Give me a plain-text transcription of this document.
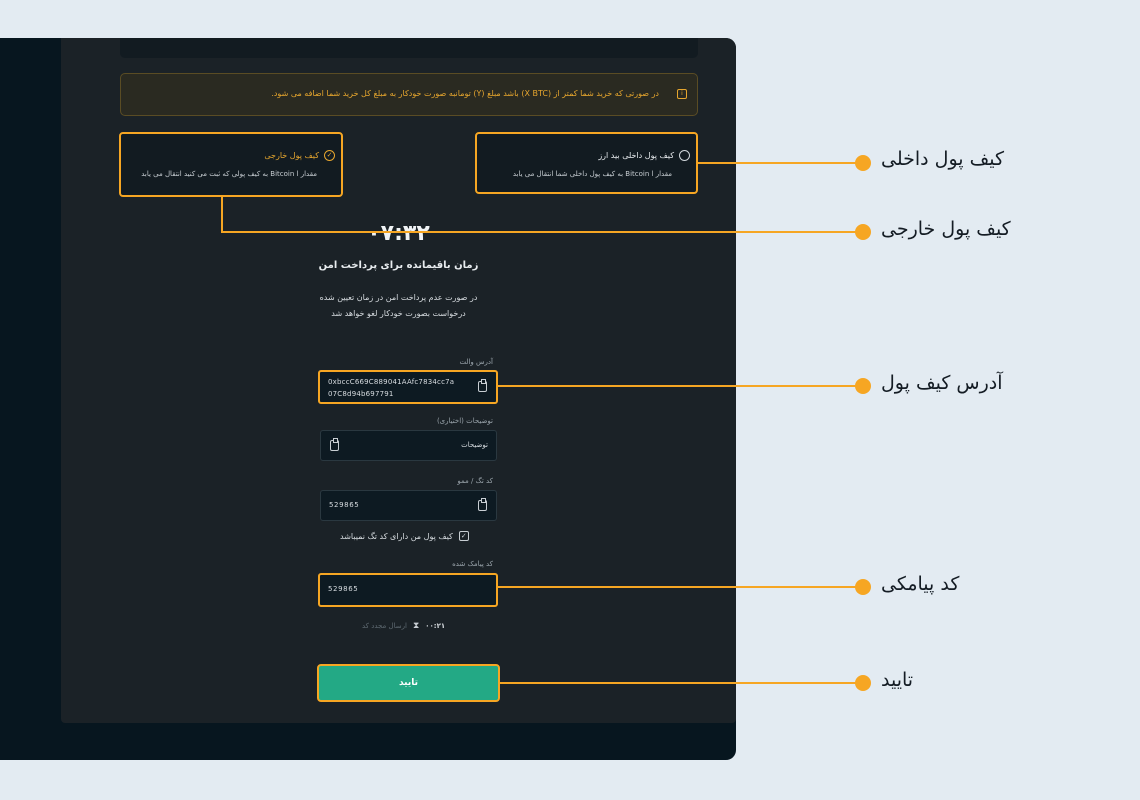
i
در صورتی که خرید شما کمتر از (X BTC) باشد مبلغ (Y) تومانبه صورت خودکار به مبلغ کل خرید شما اضافه می شود.
کیف پول داخلی بید ارز
مقدار ا Bitcoin به کیف پول داخلی شما انتقال می یابد
✓
کیف پول خارجی
مقدار ا Bitcoin به کیف پولی که ثبت می کنید انتقال می یابد
۰۷:۳۲
زمان باقیمانده برای پرداخت امن
در صورت عدم پرداخت امن در زمان تعیین شده
درخواست بصورت خودکار لغو خواهد شد
آدرس والت
0xbccC669C889041AAfc7834cc7a
07C8d94b697791
توضیحات (اختیاری)
توضیحات
کد تگ / ممو
529865
کیف پول من دارای کد تگ نمیباشد ✓
کد پیامک شده
529865
ارسال مجدد کد ⧗ ۰۰:۲۱
تایید
کیف پول داخلی
کیف پول خارجی
آدرس کیف پول
کد پیامکی
تایید
